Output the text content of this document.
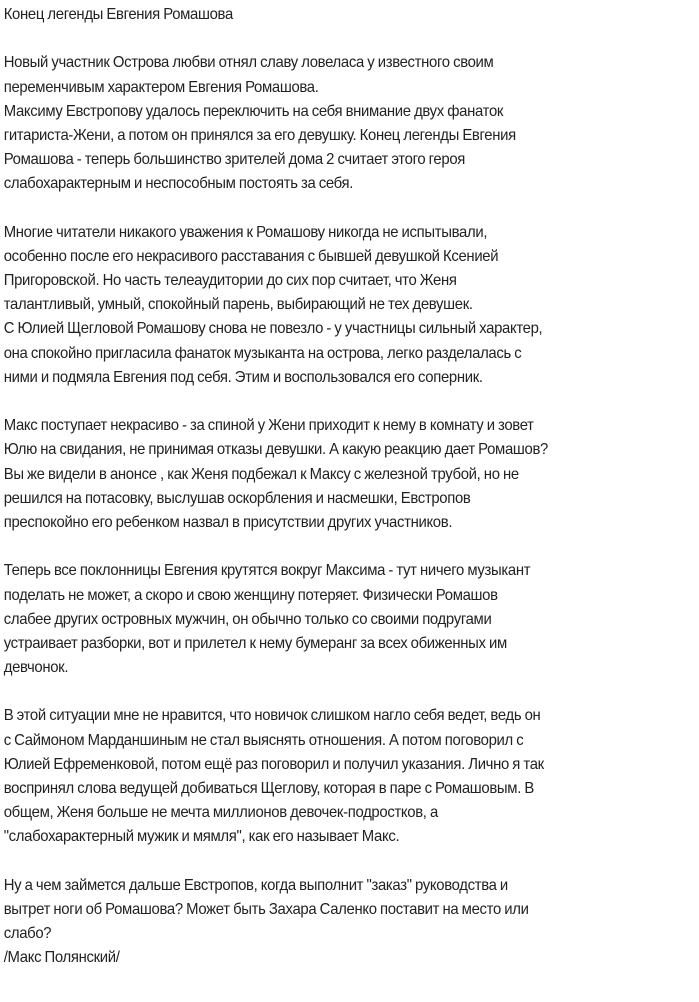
Конец легенды Евгения Ромашова
Новый участник Острова любви отнял славу ловеласа у известного своим
переменчивым характером Евгения Ромашова.
Максиму Евстропову удалось переключить на себя внимание двух фанаток
гитариста-Жени, а потом он принялся за его девушку. Конец легенды Евгения
Ромашова - теперь большинство зрителей дома 2 считает этого героя
слабохарактерным и неспособным постоять за себя.
Многие читатели никакого уважения к Ромашову никогда не испытывали,
особенно после его некрасивого расставания с бывшей девушкой Ксенией
Пригоровской. Но часть телеаудитории до сих пор считает, что Женя
талантливый, умный, спокойный парень, выбирающий не тех девушек.
С Юлией Щегловой Ромашову снова не повезло - у участницы сильный характер,
она спокойно пригласила фанаток музыканта на острова, легко разделалась с
ними и подмяла Евгения под себя. Этим и воспользовался его соперник.
Макс поступает некрасиво - за спиной у Жени приходит к нему в комнату и зовет
Юлю на свидания, не принимая отказы девушки. А какую реакцию дает Ромашов?
Вы же видели в анонсе , как Женя подбежал к Максу с железной трубой, но не
решился на потасовку, выслушав оскорбления и насмешки, Евстропов
преспокойно его ребенком назвал в присутствии других участников.
Теперь все поклонницы Евгения крутятся вокруг Максима - тут ничего музыкант
поделать не может, а скоро и свою женщину потеряет. Физически Ромашов
слабее других островных мужчин, он обычно только со своими подругами
устраивает разборки, вот и прилетел к нему бумеранг за всех обиженных им
девчонок.
В этой ситуации мне не нравится, что новичок слишком нагло себя ведет, ведь он
с Саймоном Марданшиным не стал выяснять отношения. А потом поговорил с
Юлией Ефременковой, потом ещё раз поговорил и получил указания. Лично я так
воспринял слова ведущей добиваться Щеглову, которая в паре с Ромашовым. В
общем, Женя больше не мечта миллионов девочек-подростков, а
"слабохарактерный мужик и мямля", как его называет Макс.
Ну а чем займется дальше Евстропов, когда выполнит "заказ" руководства и
вытрет ноги об Ромашова? Может быть Захара Саленко поставит на место или
слабо?
/Макс Полянский/
